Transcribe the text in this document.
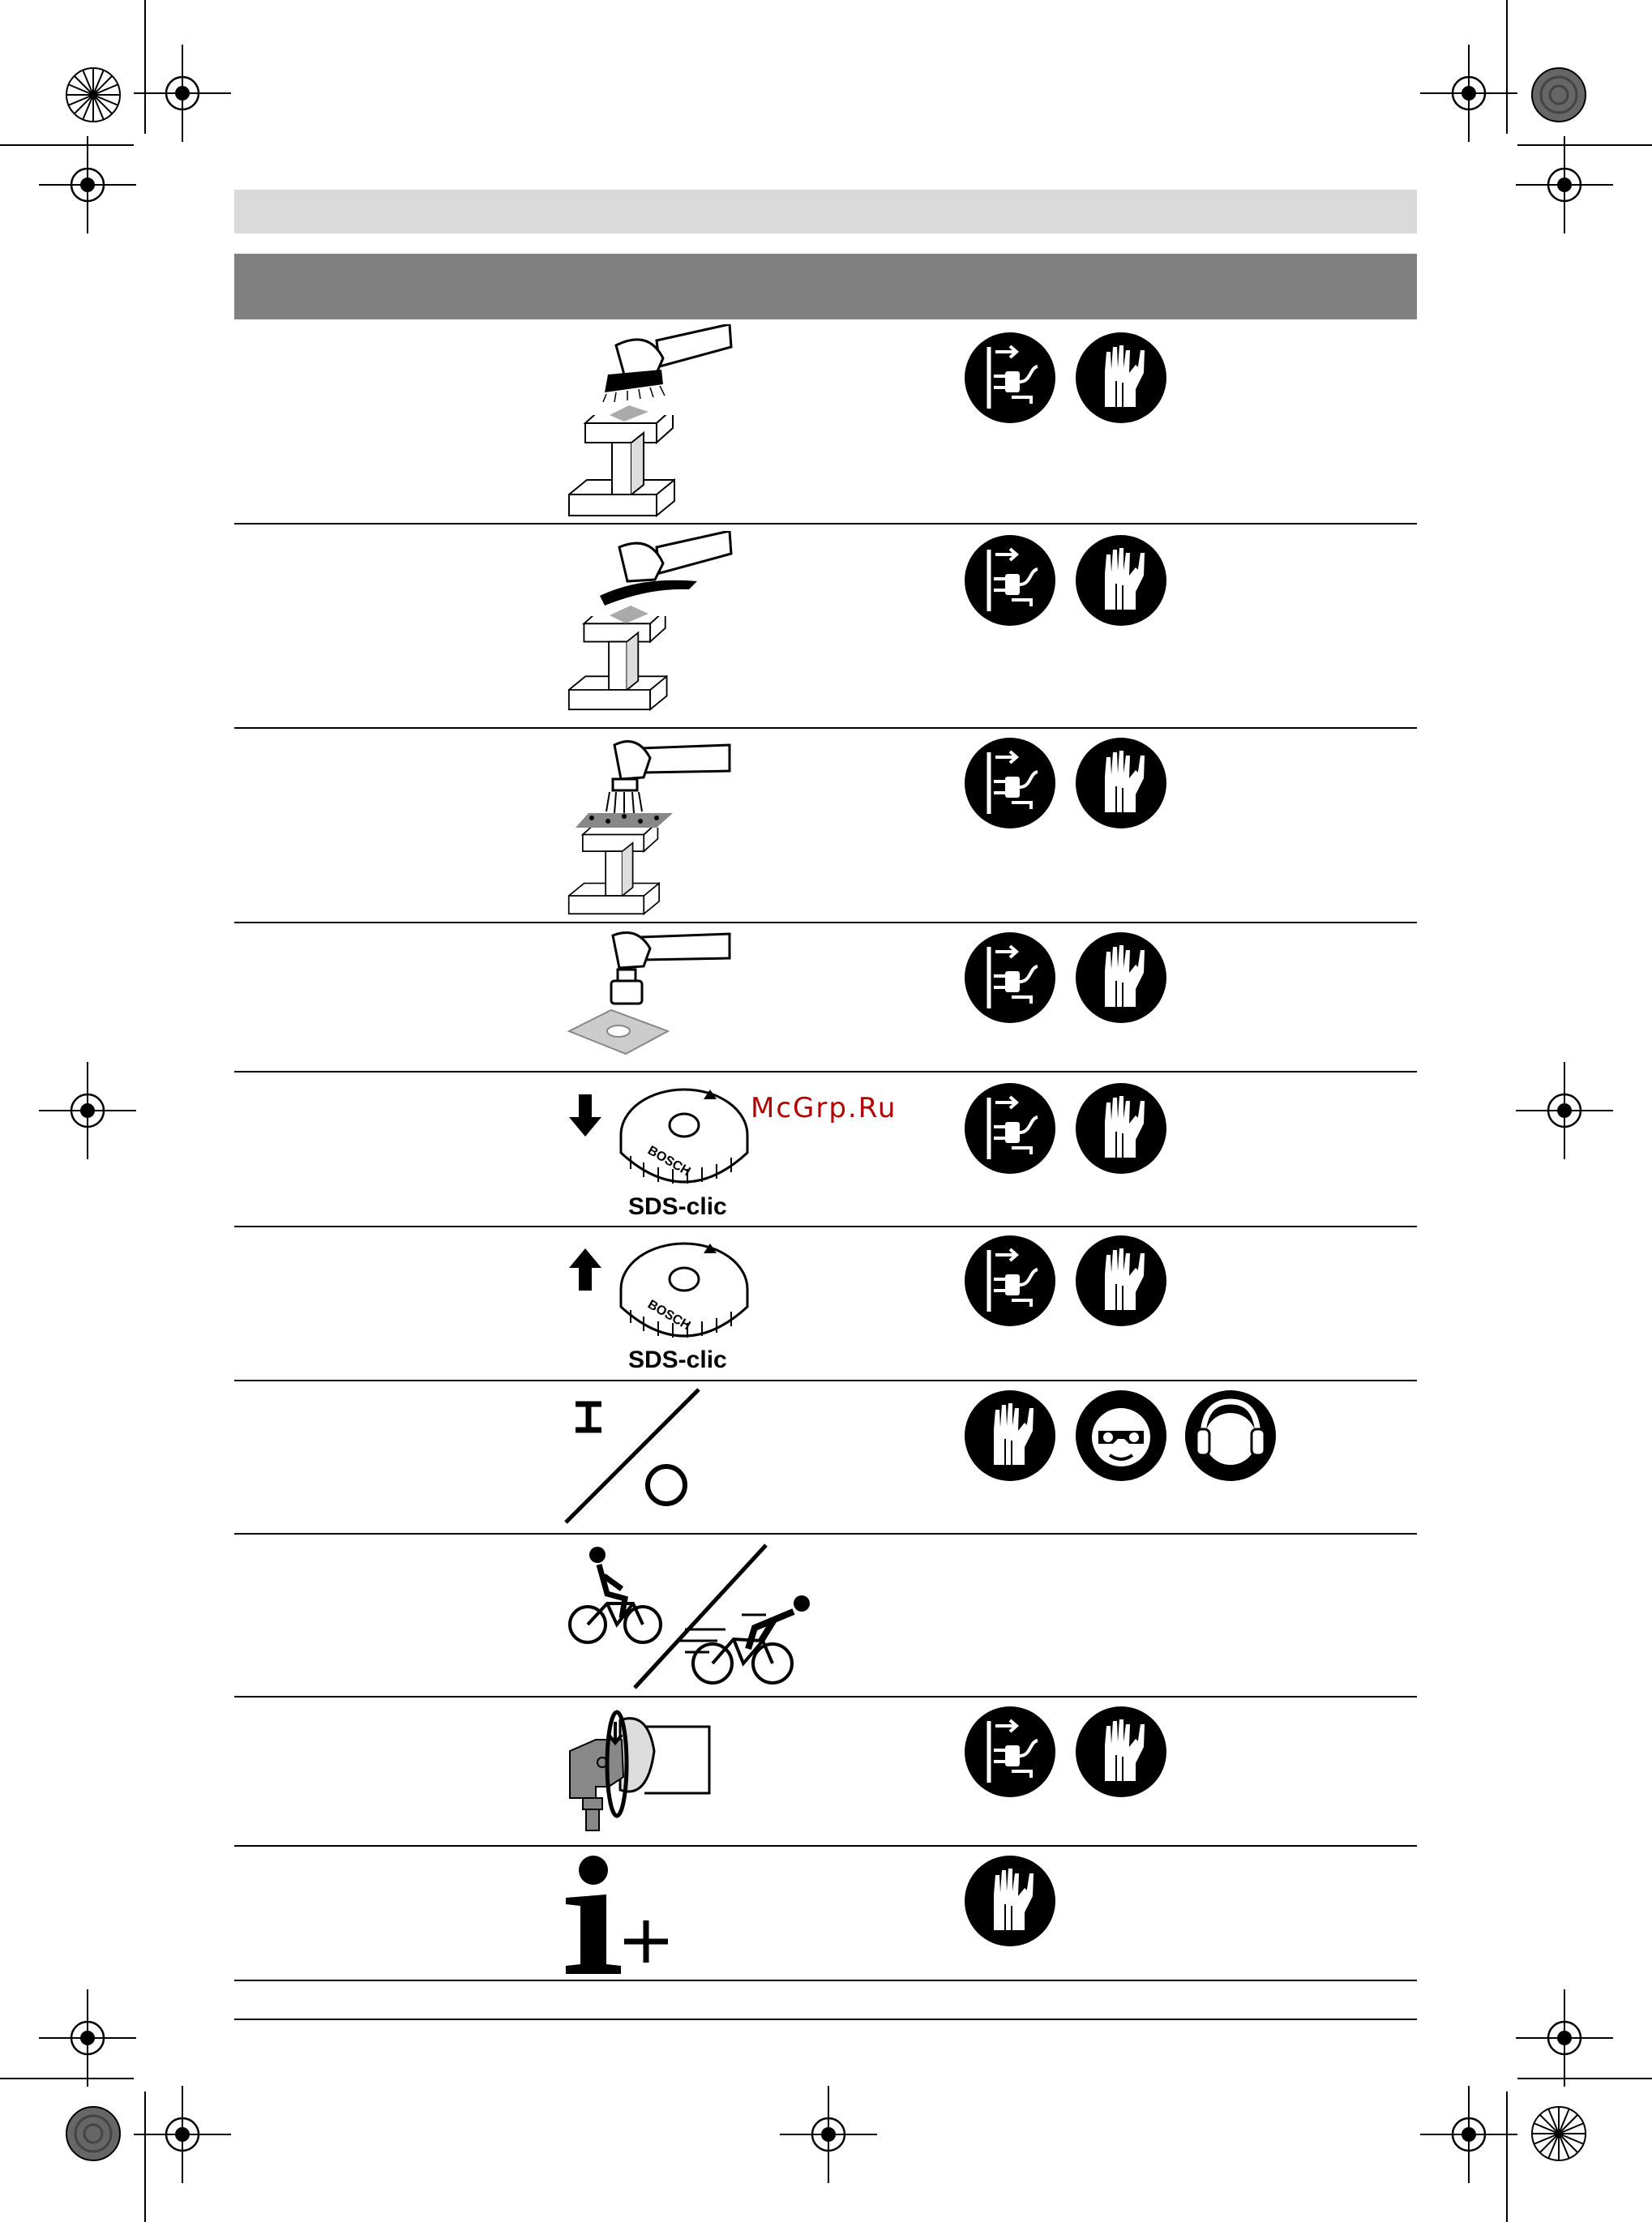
BOSCH
SDS-clic
McGrp.Ru
BOSCH
SDS-clic
